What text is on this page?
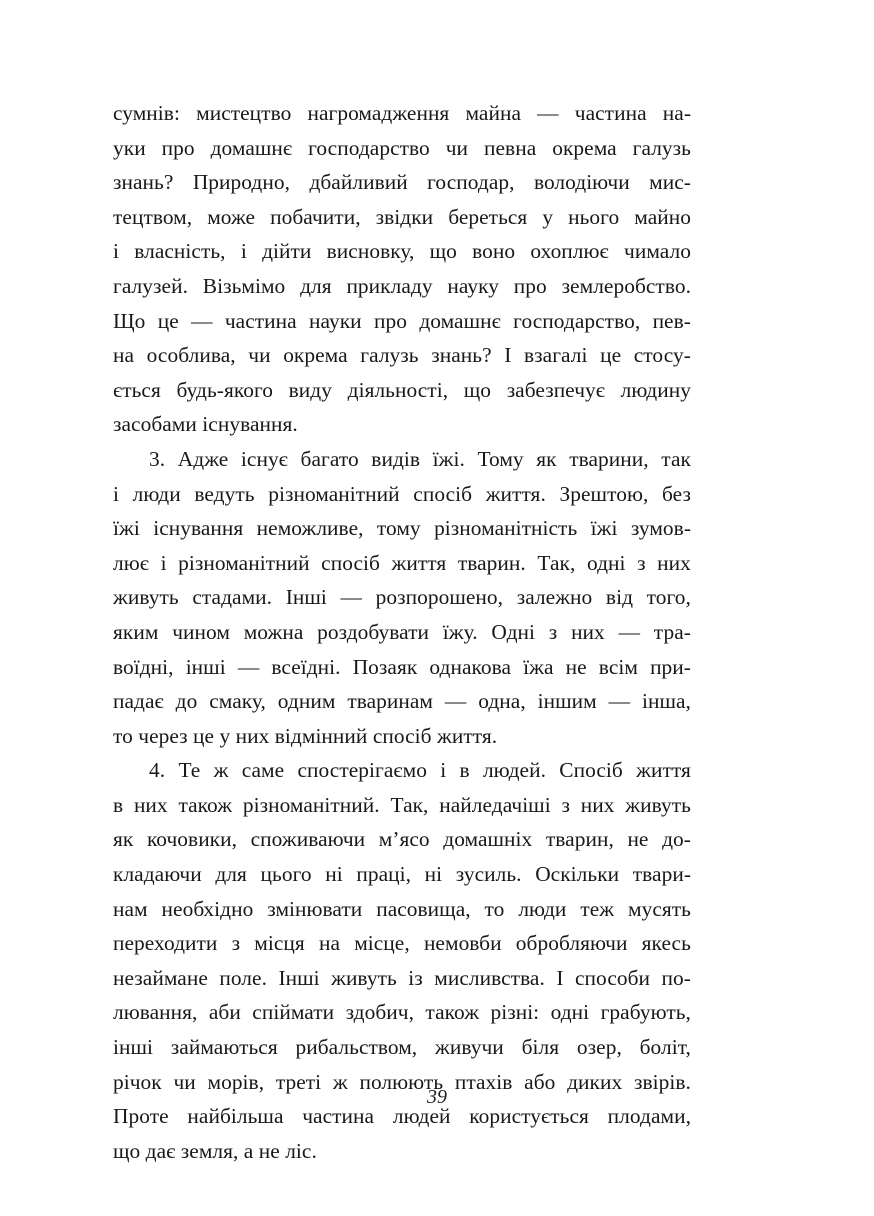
сумнів: мистецтво нагромадження майна — частина на-
уки про домашнє господарство чи певна окрема галузь
знань? Природно, дбайливий господар, володіючи мис-
тецтвом, може побачити, звідки береться у нього майно
і власність, і дійти висновку, що воно охоплює чимало
галузей. Візьмімо для прикладу науку про землеробство.
Що це — частина науки про домашнє господарство, пев-
на особлива, чи окрема галузь знань? І взагалі це стосу-
ється будь-якого виду діяльності, що забезпечує людину
засобами існування.
3. Адже існує багато видів їжі. Тому як тварини, так
і люди ведуть різноманітний спосіб життя. Зрештою, без
їжі існування неможливе, тому різноманітність їжі зумов-
лює і різноманітний спосіб життя тварин. Так, одні з них
живуть стадами. Інші — розпорошено, залежно від того,
яким чином можна роздобувати їжу. Одні з них — тра-
воїдні, інші — всеїдні. Позаяк однакова їжа не всім при-
падає до смаку, одним тваринам — одна, іншим — інша,
то через це у них відмінний спосіб життя.
4. Те ж саме спостерігаємо і в людей. Спосіб життя
в них також різноманітний. Так, найледачіші з них живуть
як кочовики, споживаючи м’ясо домашніх тварин, не до-
кладаючи для цього ні праці, ні зусиль. Оскільки твари-
нам необхідно змінювати пасовища, то люди теж мусять
переходити з місця на місце, немовби обробляючи якесь
незаймане поле. Інші живуть із мисливства. І способи по-
лювання, аби спіймати здобич, також різні: одні грабують,
інші займаються рибальством, живучи біля озер, боліт,
річок чи морів, треті ж полюють птахів або диких звірів.
Проте найбільша частина людей користується плодами,
що дає земля, а не ліс.
39
